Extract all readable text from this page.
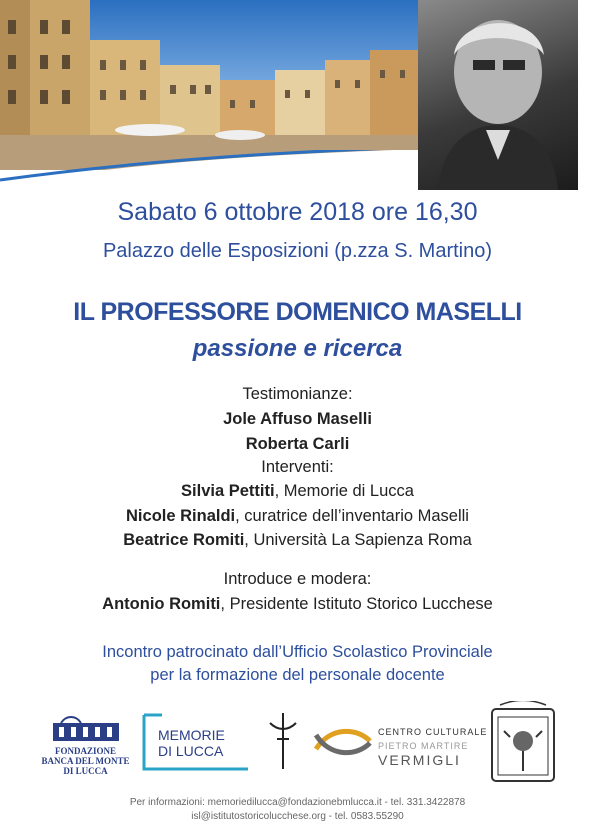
Sabato 6 ottobre 2018 ore 16,30
Palazzo delle Esposizioni (p.zza S. Martino)
IL PROFESSORE DOMENICO MASELLI
passione e ricerca
Testimonianze:
Jole Affuso Maselli
Roberta Carli
Interventi:
Silvia Pettiti, Memorie di Lucca
Nicole Rinaldi, curatrice dell’inventario Maselli
Beatrice Romiti, Università La Sapienza Roma
Introduce e modera:
Antonio Romiti, Presidente Istituto Storico Lucchese
Incontro patrocinato dall’Ufficio Scolastico Provinciale
per la formazione del personale docente
FONDAZIONE
BANCA DEL MONTE
DI LUCCA
MEMORIE
DI LUCCA
CENTRO CULTURALE
PIETRO MARTIRE
VERMIGLI
Per informazioni: memoriedilucca@fondazionebmlucca.it - tel. 331.3422878
isl@istitutostoricolucchese.org - tel. 0583.55290
